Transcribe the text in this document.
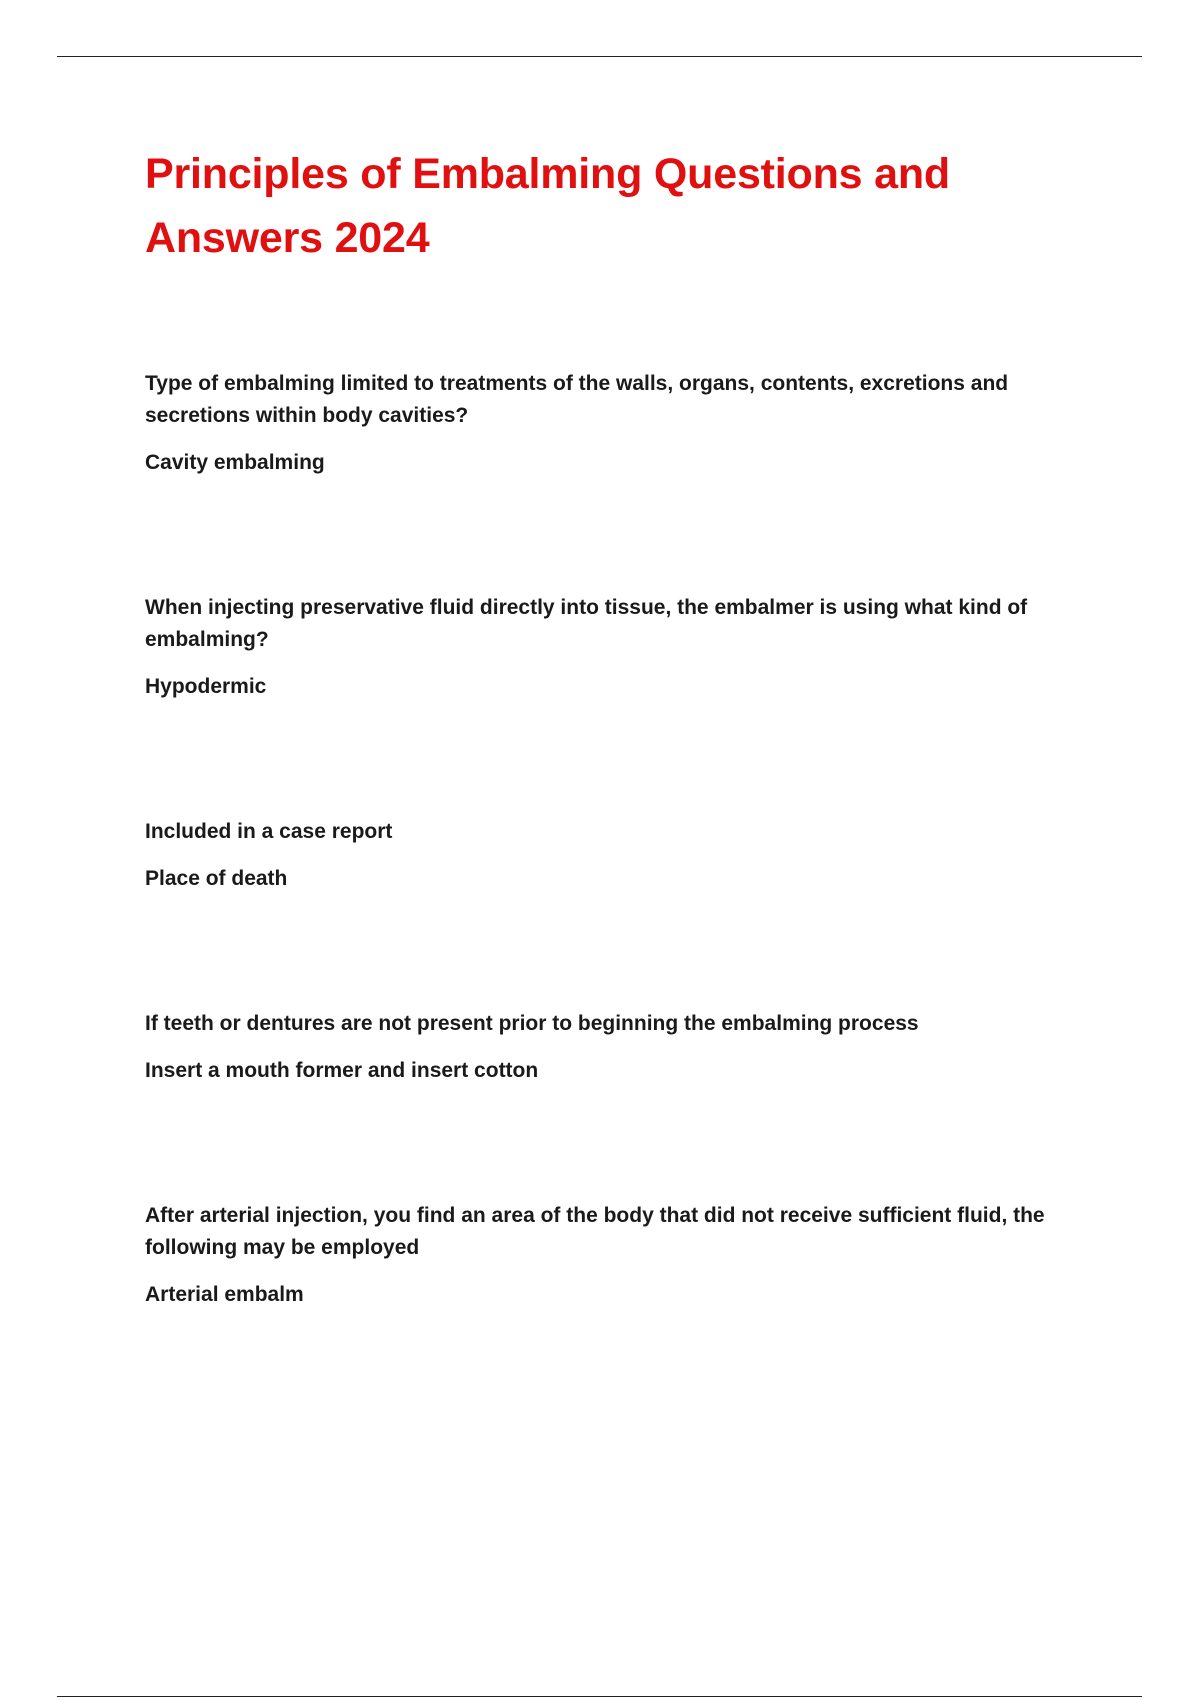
Principles of Embalming Questions and Answers 2024

Type of embalming limited to treatments of the walls, organs, contents, excretions and secretions within body cavities?

Cavity embalming

When injecting preservative fluid directly into tissue, the embalmer is using what kind of embalming?

Hypodermic

Included in a case report

Place of death

If teeth or dentures are not present prior to beginning the embalming process

Insert a mouth former and insert cotton

After arterial injection, you find an area of the body that did not receive sufficient fluid, the following may be employed

Arterial embalm
